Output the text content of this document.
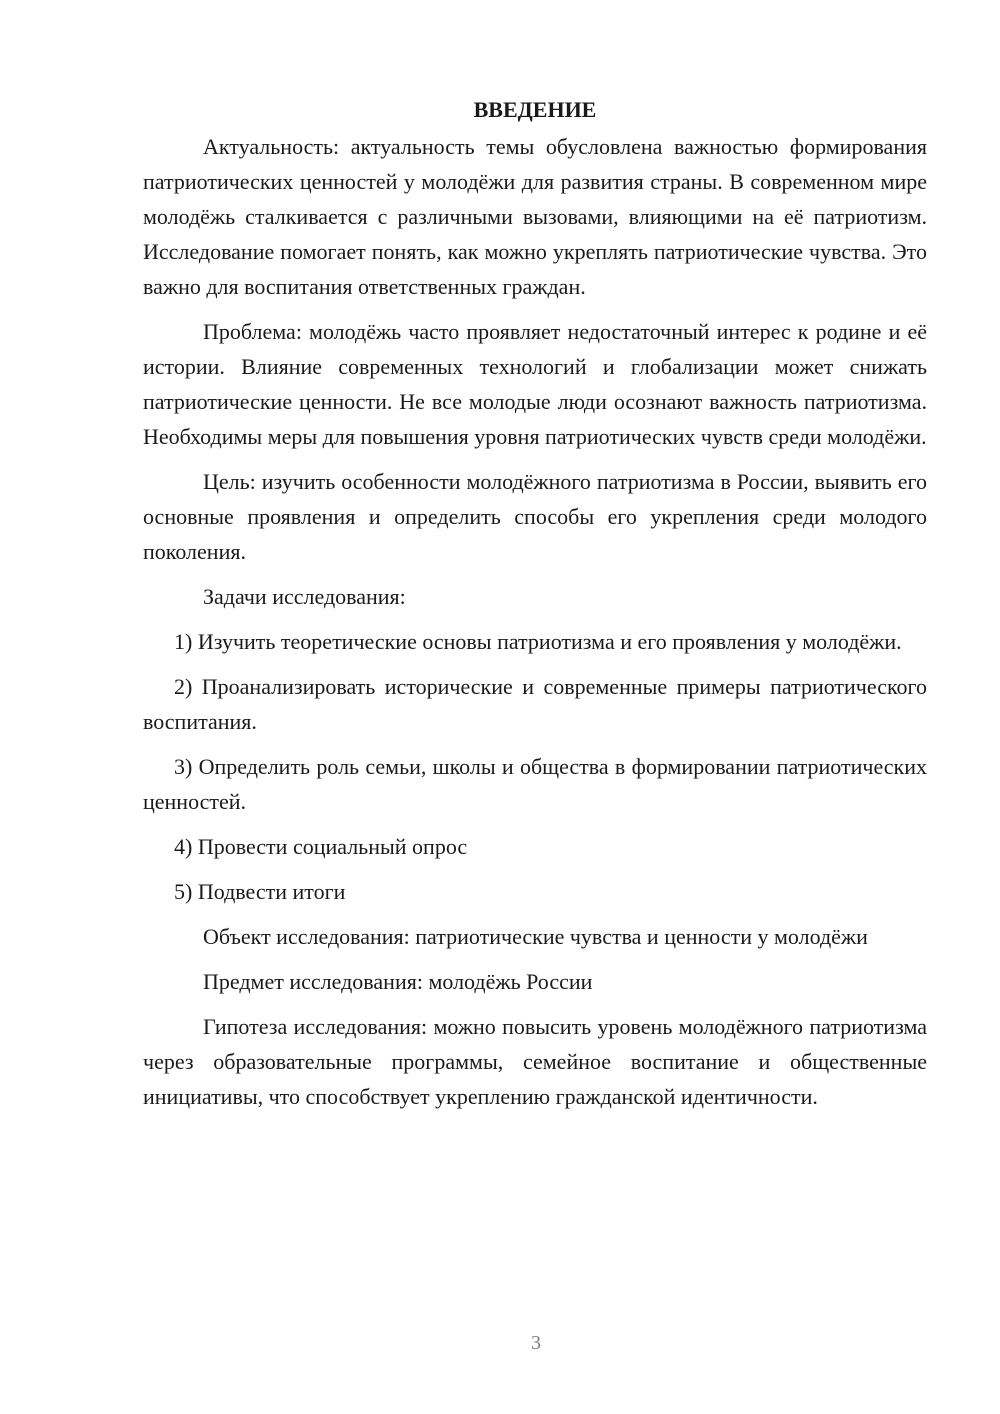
ВВЕДЕНИЕ

Актуальность: актуальность темы обусловлена важностью формирования патриотических ценностей у молодёжи для развития страны. В современном мире молодёжь сталкивается с различными вызовами, влияющими на её патриотизм. Исследование помогает понять, как можно укреплять патриотические чувства. Это важно для воспитания ответственных граждан.

Проблема: молодёжь часто проявляет недостаточный интерес к родине и её истории. Влияние современных технологий и глобализации может снижать патриотические ценности. Не все молодые люди осознают важность патриотизма. Необходимы меры для повышения уровня патриотических чувств среди молодёжи.

Цель: изучить особенности молодёжного патриотизма в России, выявить его основные проявления и определить способы его укрепления среди молодого поколения.

Задачи исследования:

1) Изучить теоретические основы патриотизма и его проявления у молодёжи.

2) Проанализировать исторические и современные примеры патриотического воспитания.

3) Определить роль семьи, школы и общества в формировании патриотических ценностей.

4) Провести социальный опрос

5) Подвести итоги

Объект исследования: патриотические чувства и ценности у молодёжи

Предмет исследования: молодёжь России

Гипотеза исследования: можно повысить уровень молодёжного патриотизма через образовательные программы, семейное воспитание и общественные инициативы, что способствует укреплению гражданской идентичности.

3
